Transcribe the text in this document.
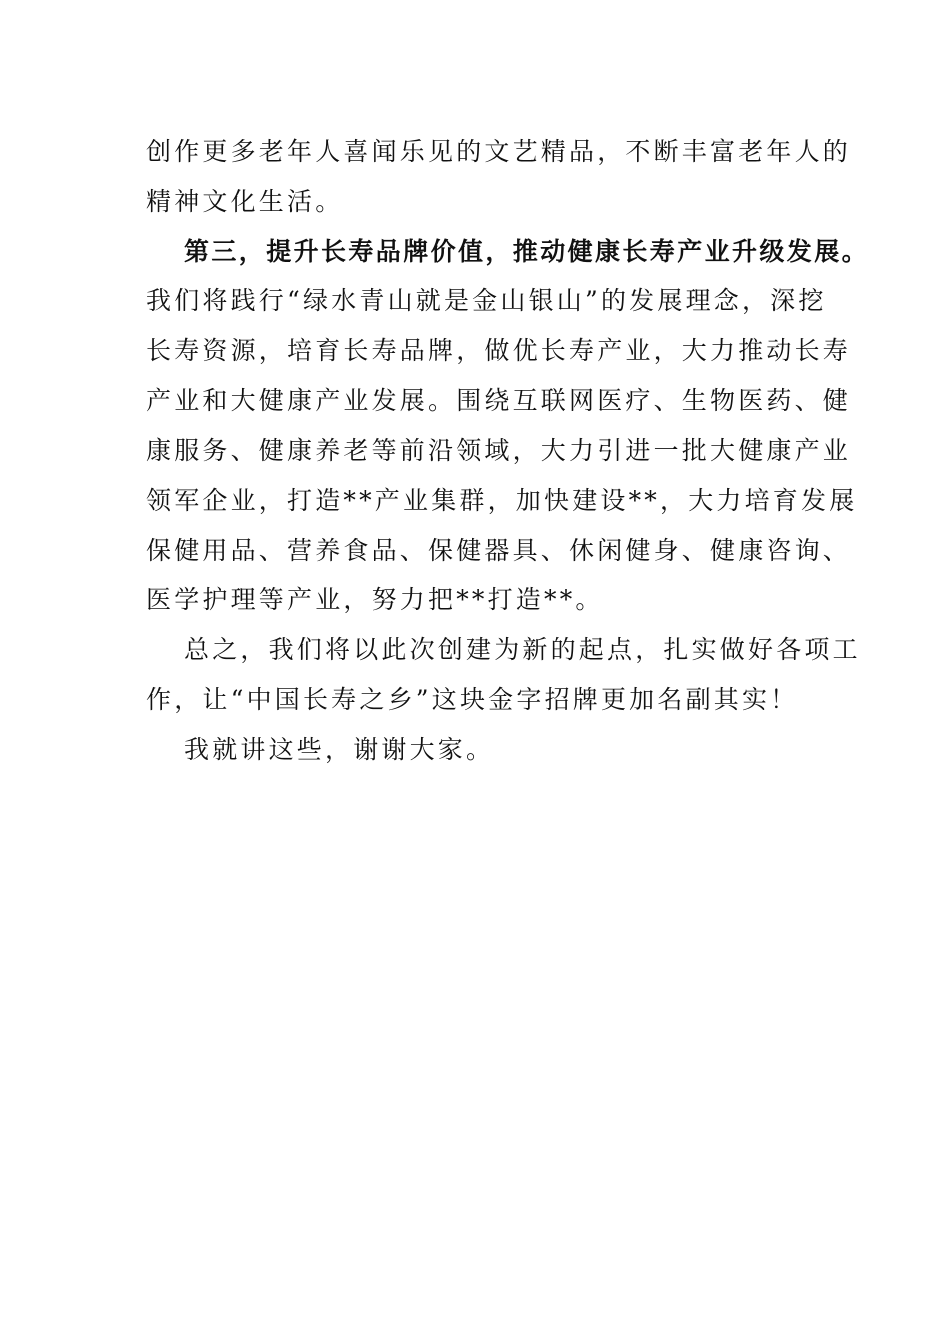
创作更多老年人喜闻乐见的文艺精品，不断丰富老年人的
精神文化生活。
第三，提升长寿品牌价值，推动健康长寿产业升级发展。
我们将践行“绿水青山就是金山银山”的发展理念，深挖
长寿资源，培育长寿品牌，做优长寿产业，大力推动长寿
产业和大健康产业发展。围绕互联网医疗、生物医药、健
康服务、健康养老等前沿领域，大力引进一批大健康产业
领军企业，打造**产业集群，加快建设**，大力培育发展
保健用品、营养食品、保健器具、休闲健身、健康咨询、
医学护理等产业，努力把**打造**。
总之，我们将以此次创建为新的起点，扎实做好各项工
作，让“中国长寿之乡”这块金字招牌更加名副其实！
我就讲这些，谢谢大家。
